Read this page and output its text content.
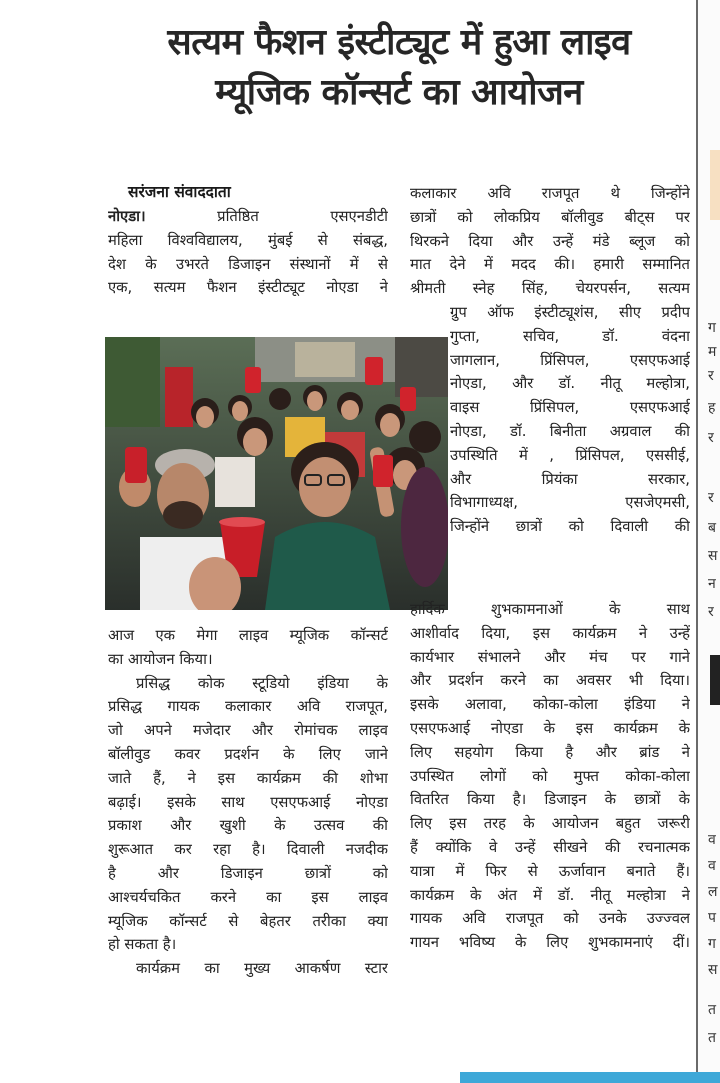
सत्यम फैशन इंस्टीट्यूट में हुआ लाइव
म्यूजिक कॉन्सर्ट का आयोजन
सरंजना संवाददाता
नोएडा।	प्रतिष्ठित एसएनडीटी
महिला विश्वविद्यालय, मुंबई से संबद्ध,
देश के उभरते डिजाइन संस्थानों में से
एक, सत्यम फैशन इंस्टीट्यूट नोएडा ने
आज एक मेगा लाइव म्यूजिक कॉन्सर्ट
का आयोजन किया।
प्रसिद्ध कोक स्टूडियो इंडिया के
प्रसिद्ध गायक कलाकार अवि राजपूत,
जो अपने मजेदार और रोमांचक लाइव
बॉलीवुड कवर प्रदर्शन के लिए जाने
जाते हैं, ने इस कार्यक्रम की शोभा
बढ़ाई। इसके साथ एसएफआई नोएडा
प्रकाश और खुशी के उत्सव की
शुरूआत कर रहा है। दिवाली नजदीक
है और डिजाइन छात्रों को
आश्चर्यचकित करने का इस लाइव
म्यूजिक कॉन्सर्ट से बेहतर तरीका क्या
हो सकता है।
कार्यक्रम का मुख्य आकर्षण स्टार
कलाकार अवि राजपूत थे जिन्होंने
छात्रों को लोकप्रिय बॉलीवुड बीट्स पर
थिरकने दिया और उन्हें मंडे ब्लूज को
मात देने में मदद की। हमारी सम्मानित
श्रीमती स्नेह सिंह, चेयरपर्सन, सत्यम
ग्रुप ऑफ इंस्टीट्यूशंस, सीए प्रदीप
गुप्ता, सचिव, डॉ. वंदना
जागलान, प्रिंसिपल, एसएफआई
नोएडा, और डॉ. नीतू मल्होत्रा,
वाइस प्रिंसिपल, एसएफआई
नोएडा, डॉ. बिनीता अग्रवाल की
उपस्थिति में , प्रिंसिपल, एससीई,
और प्रियंका सरकार,
विभागाध्यक्ष, एसजेएमसी,
जिन्होंने छात्रों को दिवाली की
हार्दिक शुभकामनाओं के साथ
आशीर्वाद दिया, इस कार्यक्रम ने उन्हें
कार्यभार संभालने और मंच पर गाने
और प्रदर्शन करने का अवसर भी दिया।
इसके अलावा, कोका-कोला इंडिया ने
एसएफआई नोएडा के इस कार्यक्रम के
लिए सहयोग किया है और ब्रांड ने
उपस्थित लोगों को मुफ्त कोका-कोला
वितरित किया है। डिजाइन के छात्रों के
लिए इस तरह के आयोजन बहुत जरूरी
हैं क्योंकि वे उन्हें सीखने की रचनात्मक
यात्रा में फिर से ऊर्जावान बनाते हैं।
कार्यक्रम के अंत में डॉ. नीतू मल्होत्रा ने
गायक अवि राजपूत को उनके उज्ज्वल
गायन भविष्य के लिए शुभकामनाएं दीं।
ग
म
र
ह
र
र
ब
स
न
र
व
व
ल
प
ग
स
त
त
